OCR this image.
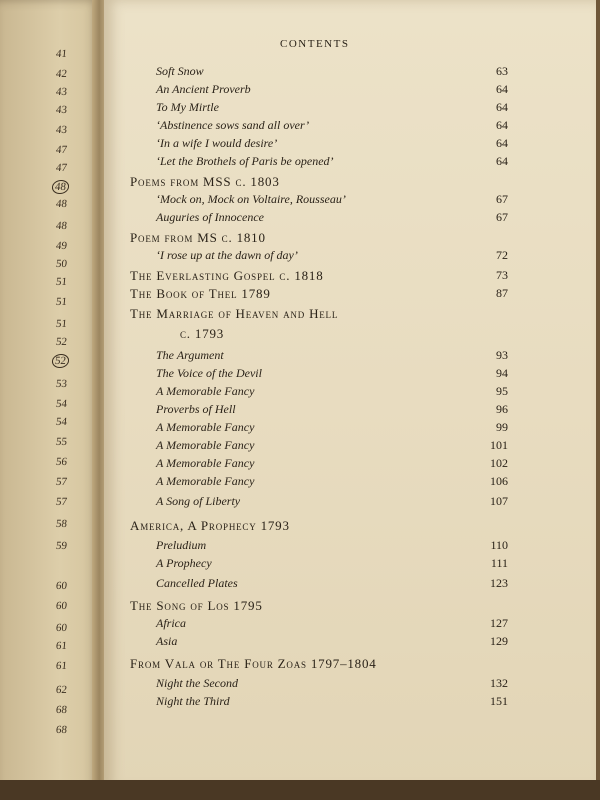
CONTENTS
41
42
43
43
43
47
47
48
48
48
49
50
51
51
51
52
52
53
54
54
55
56
57
57
58
59
60
60
60
61
61
62
68
68
Soft Snow	63
An Ancient Proverb	64
To My Mirtle	64
‘Abstinence sows sand all over’	64
‘In a wife I would desire’	64
‘Let the Brothels of Paris be opened’	64
Poems from MSS c. 1803
‘Mock on, Mock on Voltaire, Rousseau’	67
Auguries of Innocence	67
Poem from MS c. 1810
‘I rose up at the dawn of day’	72
The Everlasting Gospel c. 1818	73
The Book of Thel 1789	87
The Marriage of Heaven and Hell
c. 1793
The Argument	93
The Voice of the Devil	94
A Memorable Fancy	95
Proverbs of Hell	96
A Memorable Fancy	99
A Memorable Fancy	101
A Memorable Fancy	102
A Memorable Fancy	106
A Song of Liberty	107
America, A Prophecy 1793
Preludium	110
A Prophecy	111
Cancelled Plates	123
The Song of Los 1795
Africa	127
Asia	129
From Vala or The Four Zoas 1797–1804
Night the Second	132
Night the Third	151
